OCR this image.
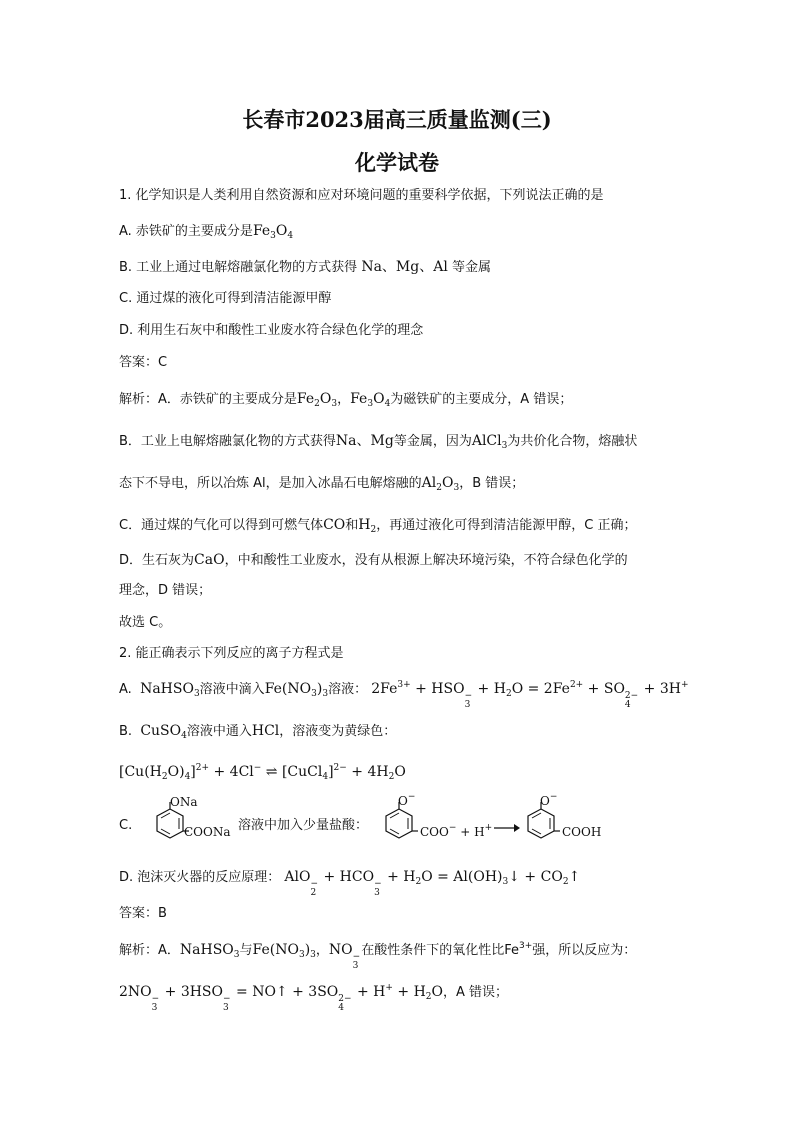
长春市2023届高三质量监测(三)
化学试卷
1. 化学知识是人类利用自然资源和应对环境问题的重要科学依据，下列说法正确的是
A. 赤铁矿的主要成分是$Fe_3O_4$
B. 工业上通过电解熔融氯化物的方式获得 Na、Mg、Al 等金属
C. 通过煤的液化可得到清洁能源甲醇
D. 利用生石灰中和酸性工业废水符合绿色化学的理念
答案：C
解析：A．赤铁矿的主要成分是$Fe_2O_3$，$Fe_3O_4$为磁铁矿的主要成分，A 错误；
B．工业上电解熔融氯化物的方式获得Na、Mg等金属，因为AlCl$_3$为共价化合物，熔融状
态下不导电，所以冶炼 Al，是加入冰晶石电解熔融的$Al_2O_3$，B 错误；
C．通过煤的气化可以得到可燃气体CO和$H_2$，再通过液化可得到清洁能源甲醇，C 正确；
D．生石灰为CaO，中和酸性工业废水，没有从根源上解决环境污染，不符合绿色化学的
理念，D 错误；
故选 C。
2. 能正确表示下列反应的离子方程式是
A. NaHSO$_3$溶液中滴入$Fe(NO_3)_3$溶液： $2Fe^{3+}$ + HSO −
3
+ $H_2O = 2Fe^{2+}$ + SO 2−
4
+ 3H+
B. CuSO$_4$溶液中通入HCl，溶液变为黄绿色：
$[Cu(H_2O)_4]^{2+} + 4Cl^-$ ⇌ [CuCl$_4$]$^{2-}$ + $4H_2O$
C.
ONa
COONa 溶液中加入少量盐酸：
O−
COO− + H+ →
O−
COOH
D. 泡沫灭火器的反应原理： AlO −
2
+ HCO −
3
+ $H_2O$ = $Al(OH)_3↓$ + $CO_2↑$
答案：B
解析：A．NaHSO$_3$与$Fe(NO_3)_3$，NO −
3
在酸性条件下的氧化性比$Fe^{3+}$强，所以反应为：
2NO −
3
+ 3HSO −
3
= NO↑ + 3SO 2−
4
+ $H^+ + H_2O$，A 错误；
